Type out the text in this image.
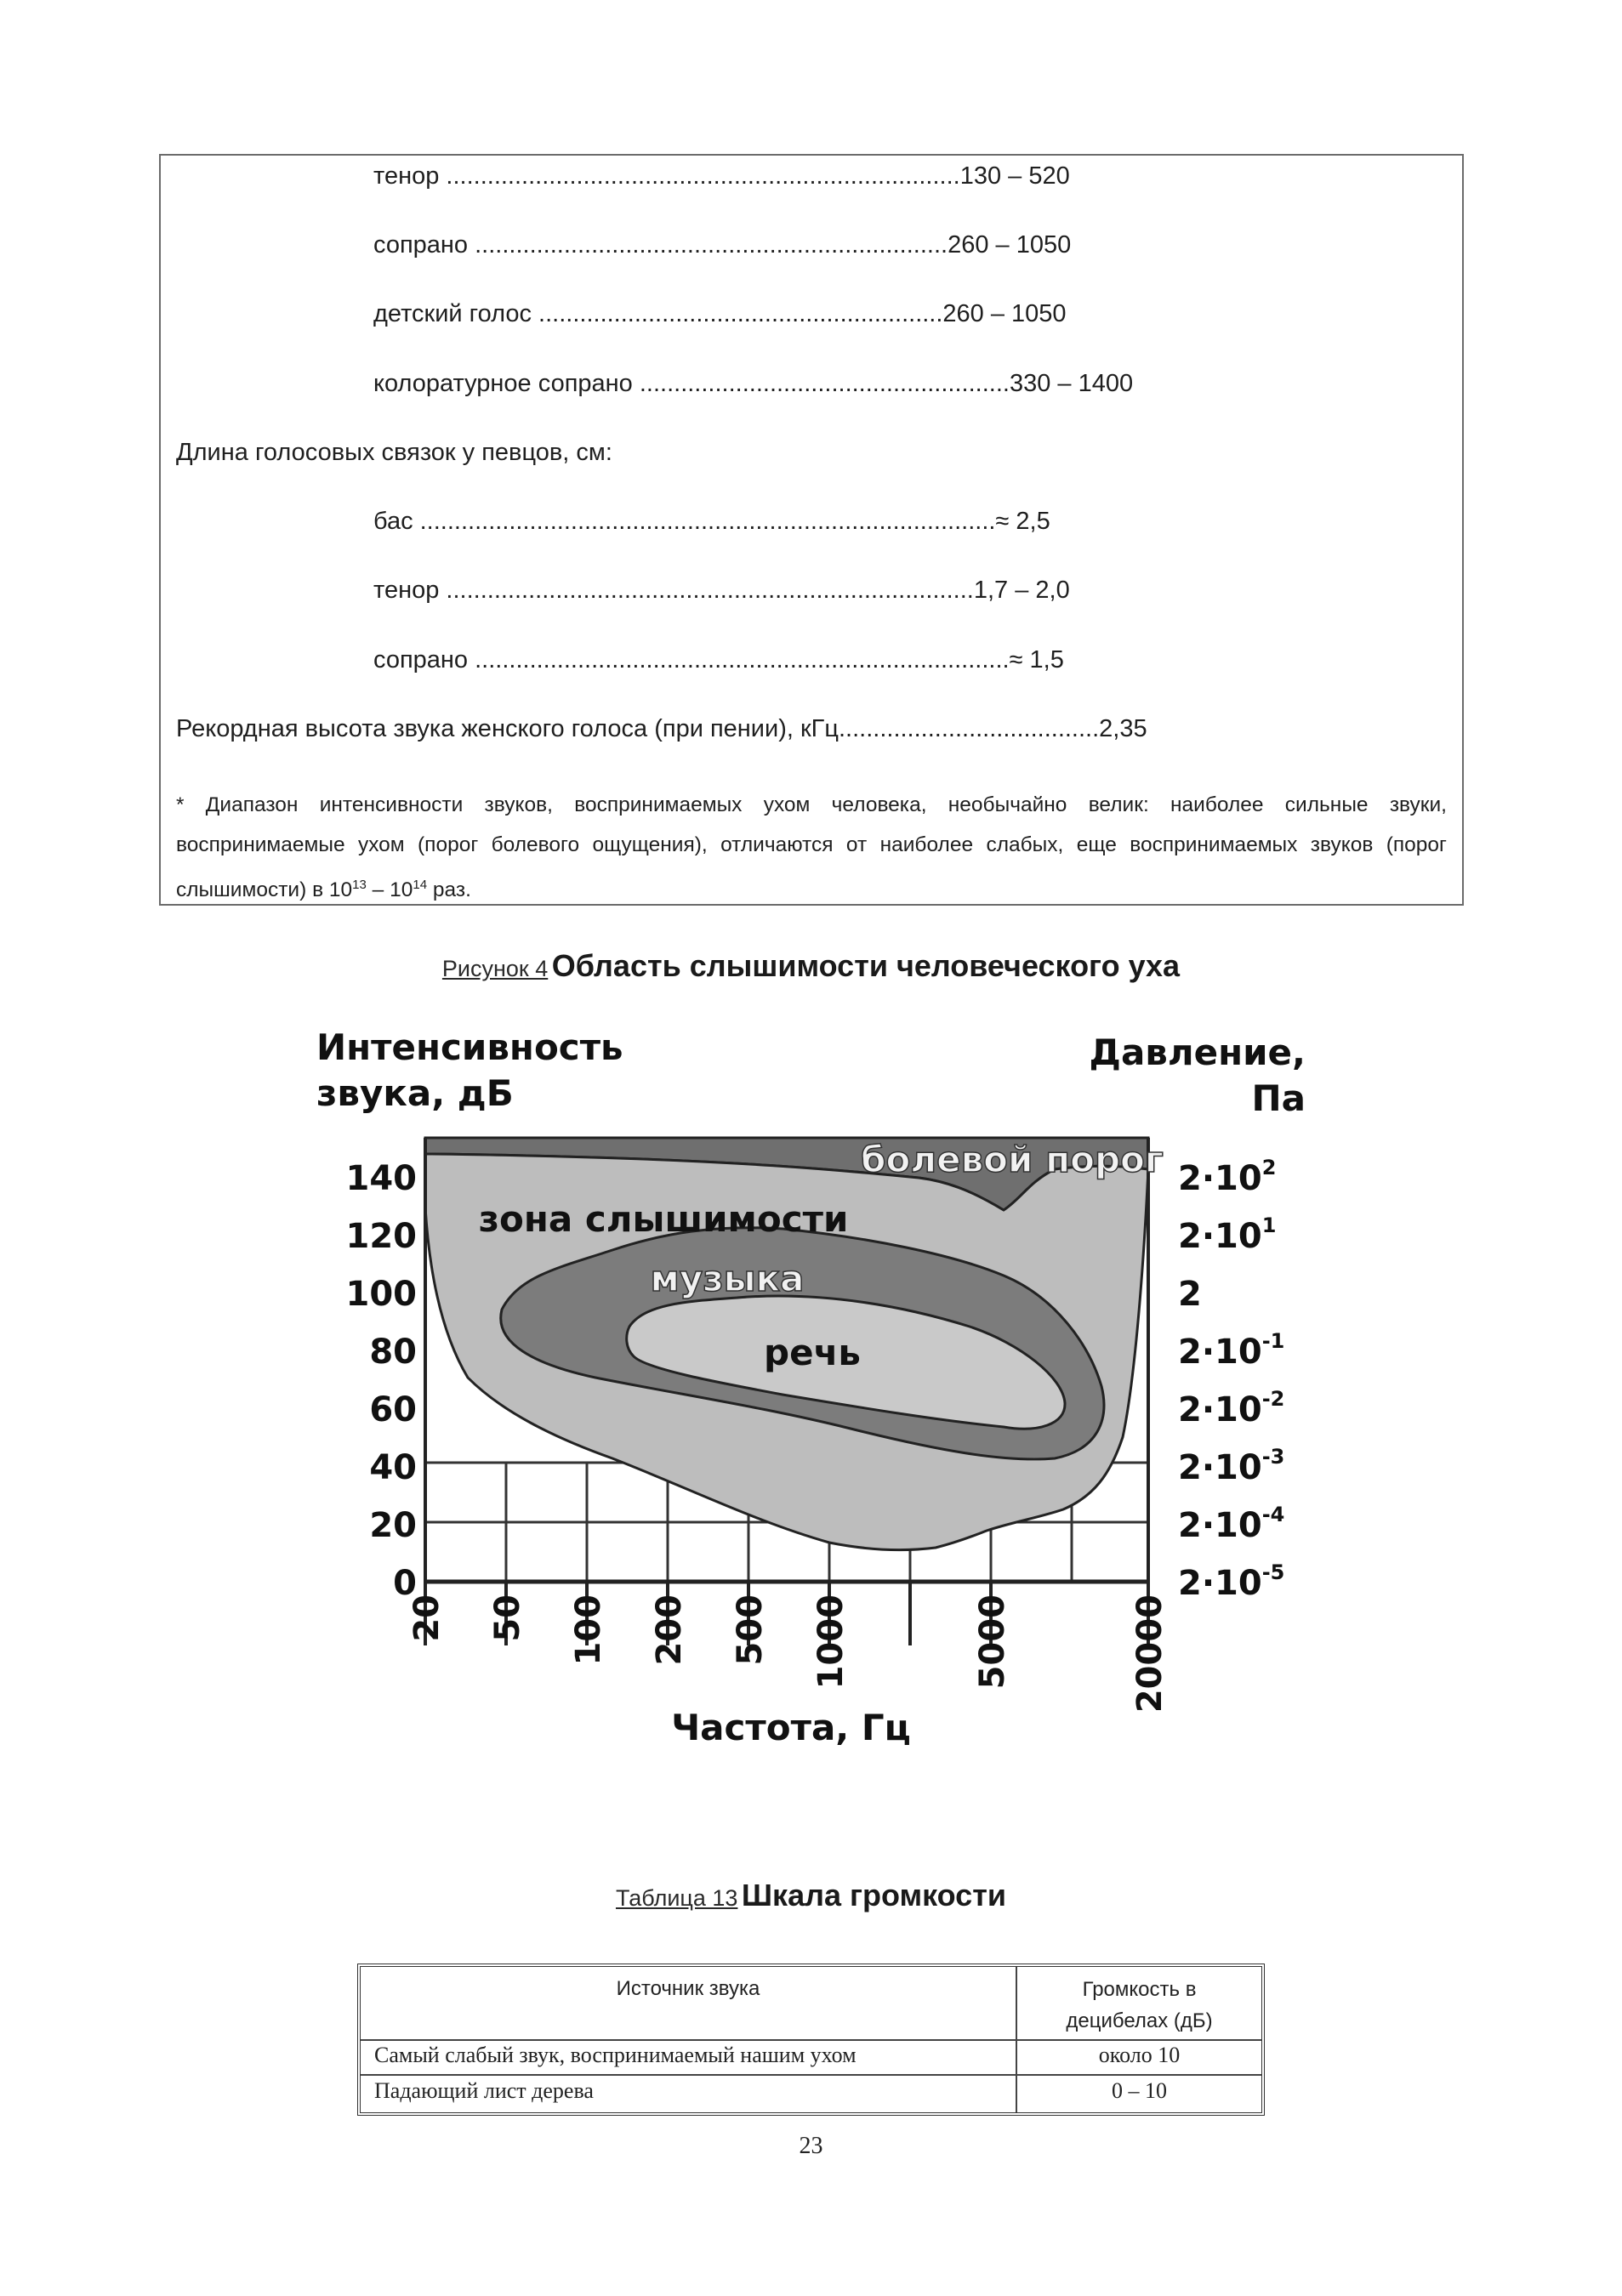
тенор ...........................................................................130 – 520
сопрано .....................................................................260 – 1050
детский голос ...........................................................260 – 1050
колоратурное сопрано ......................................................330 – 1400
Длина голосовых связок у певцов, см:
бас ....................................................................................≈ 2,5
тенор .............................................................................1,7 – 2,0
сопрано ..............................................................................≈ 1,5
Рекордная высота звука женского голоса (при пении), кГц......................................2,35
* Диапазон интенсивности звуков, воспринимаемых ухом человека, необычайно велик: наиболее сильные звуки, воспринимаемые ухом (порог болевого ощущения), отличаются от наиболее слабых, еще воспринимаемых звуков (порог слышимости) в $10^{13} - 10^{14}$ раз.
Рисунок 4 Область слышимости человеческого уха
Интенсивность
звука, дБ
Давление,
Па
0
20
40
60
80
100
120
140
$2\cdot 10^{-5}$
$2\cdot 10^{-4}$
$2\cdot 10^{-3}$
$2\cdot 10^{-2}$
$2\cdot 10^{-1}$
2
$2\cdot 10^1$
$2\cdot 10^2$
20 50 100 200 500 1000	5000	20000
Частота, Гц
болевой порог
зона слышимости
музыка
речь
Таблица 13 Шкала громкости
Источник звука	Громкость в
децибелах (дБ)
Самый слабый звук, воспринимаемый нашим ухом	около 10
Падающий лист дерева	0 – 10
23
